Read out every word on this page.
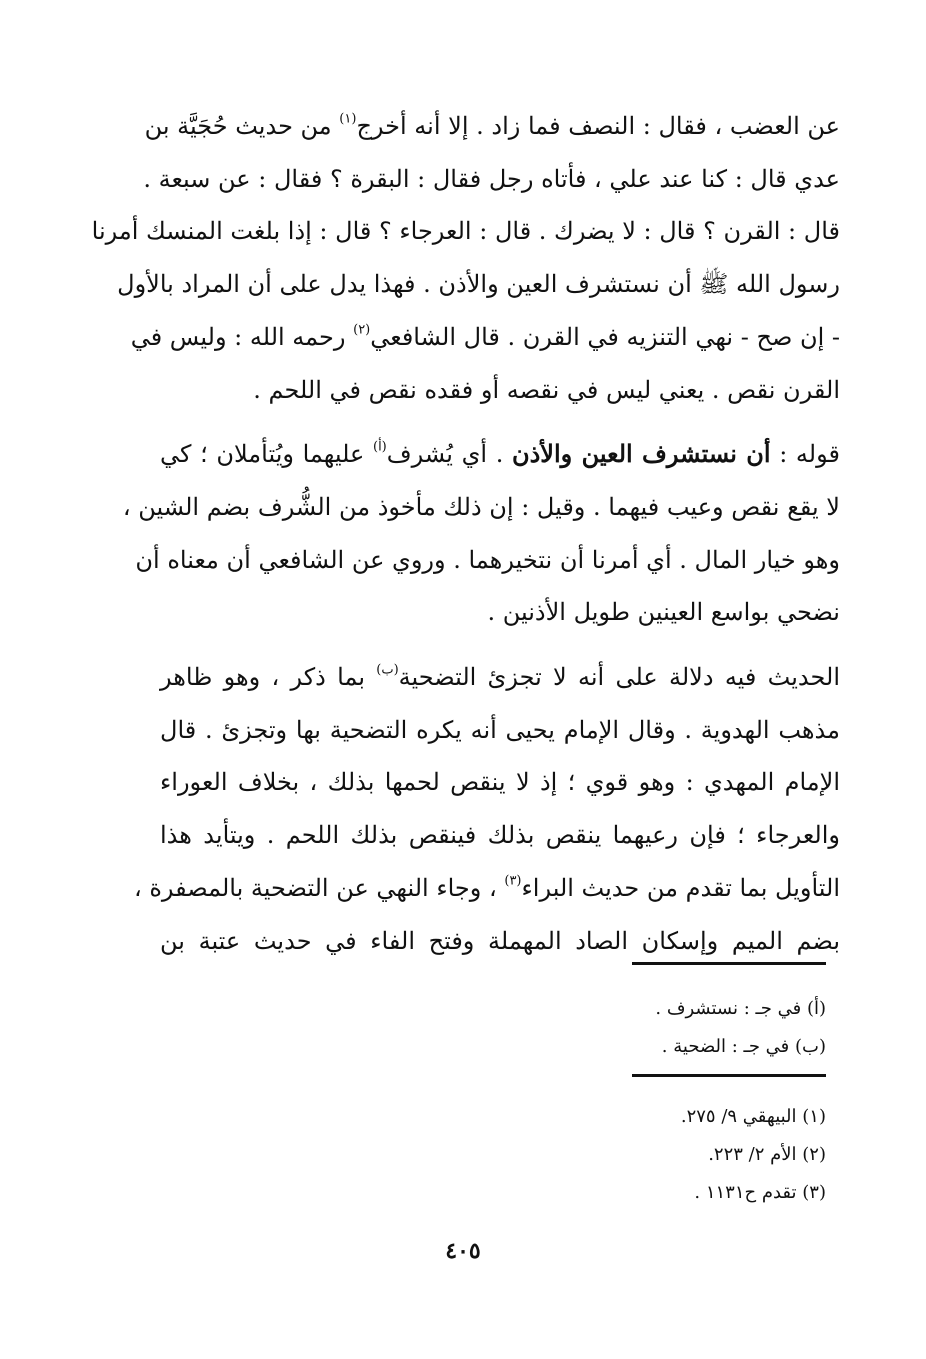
عن العضب ، فقال : النصف فما زاد . إلا أنه أخرج$^{(١)}$ من حديث حُجَيَّة بن
عدي قال : كنا عند علي ، فأتاه رجل فقال : البقرة ؟ فقال : عن سبعة .
قال : القرن ؟ قال : لا يضرك . قال : العرجاء ؟ قال : إذا بلغت المنسك أمرنا
رسول الله ﷺ أن نستشرف العين والأذن . فهذا يدل على أن المراد بالأول
- إن صح - نهي التنزيه في القرن . قال الشافعي$^{(٢)}$ رحمه الله : وليس في
القرن نقص . يعني ليس في نقصه أو فقده نقص في اللحم .
قوله : أن نستشرف العين والأذن . أي يُشرف$^{(أ)}$ عليهما ويُتأملان ؛ كي
لا يقع نقص وعيب فيهما . وقيل : إن ذلك مأخوذ من الشُّرف بضم الشين ،
وهو خيار المال . أي أمرنا أن نتخيرهما . وروي عن الشافعي أن معناه أن
نضحي بواسع العينين طويل الأذنين .
الحديث فيه دلالة على أنه لا تجزئ التضحية$^{(ب)}$ بما ذكر ، وهو ظاهر
مذهب الهدوية . وقال الإمام يحيى أنه يكره التضحية بها وتجزئ . قال
الإمام المهدي : وهو قوي ؛ إذ لا ينقص لحمها بذلك ، بخلاف العوراء
والعرجاء ؛ فإن رعيهما ينقص بذلك فينقص بذلك اللحم . ويتأيد هذا
التأويل بما تقدم من حديث البراء$^{(٣)}$ ، وجاء النهي عن التضحية بالمصفرة ،
بضم الميم وإسكان الصاد المهملة وفتح الفاء في حديث عتبة بن
(أ) في جـ : نستشرف .
(ب) في جـ : الضحية .
(١) البيهقي ٩/ ٢٧٥.
(٢) الأم ٢/ ٢٢٣.
(٣) تقدم ح١١٣١ .
٤٠٥
